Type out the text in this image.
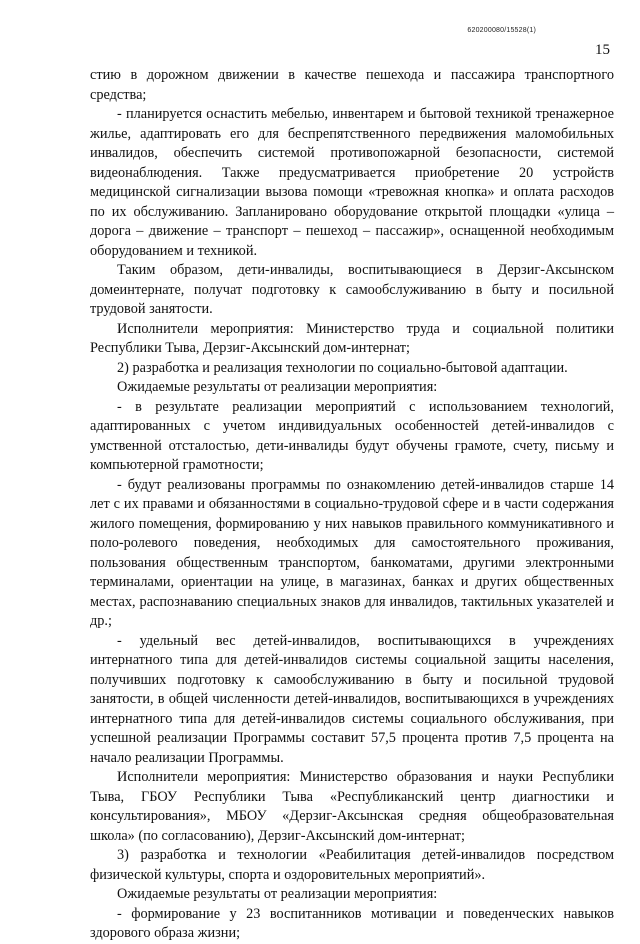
620200080/15528(1)
15

стию в дорожном движении в качестве пешехода и пассажира транспортного средства;

- планируется оснастить мебелью, инвентарем и бытовой техникой тренажерное жилье, адаптировать его для беспрепятственного передвижения маломобильных инвалидов, обеспечить системой противопожарной безопасности, системой видеонаблюдения. Также предусматривается приобретение 20 устройств медицинской сигнализации вызова помощи «тревожная кнопка» и оплата расходов по их обслуживанию. Запланировано оборудование открытой площадки «улица – дорога – движение – транспорт – пешеход – пассажир», оснащенной необходимым оборудованием и техникой.

Таким образом, дети-инвалиды, воспитывающиеся в Дерзиг-Аксынском домеинтернате, получат подготовку к самообслуживанию в быту и посильной трудовой занятости.

Исполнители мероприятия: Министерство труда и социальной политики Республики Тыва, Дерзиг-Аксынский дом-интернат;

2) разработка и реализация технологии по социально-бытовой адаптации.

Ожидаемые результаты от реализации мероприятия:

- в результате реализации мероприятий с использованием технологий, адаптированных с учетом индивидуальных особенностей детей-инвалидов с умственной отсталостью, дети-инвалиды будут обучены грамоте, счету, письму и компьютерной грамотности;

- будут реализованы программы по ознакомлению детей-инвалидов старше 14 лет с их правами и обязанностями в социально-трудовой сфере и в части содержания жилого помещения, формированию у них навыков правильного коммуникативного и поло-ролевого поведения, необходимых для самостоятельного проживания, пользования общественным транспортом, банкоматами, другими электронными терминалами, ориентации на улице, в магазинах, банках и других общественных местах, распознаванию специальных знаков для инвалидов, тактильных указателей и др.;

- удельный вес детей-инвалидов, воспитывающихся в учреждениях интернатного типа для детей-инвалидов системы социальной защиты населения, получивших подготовку к самообслуживанию в быту и посильной трудовой занятости, в общей численности детей-инвалидов, воспитывающихся в учреждениях интернатного типа для детей-инвалидов системы социального обслуживания, при успешной реализации Программы составит 57,5 процента против 7,5 процента на начало реализации Программы.

Исполнители мероприятия: Министерство образования и науки Республики Тыва, ГБОУ Республики Тыва «Республиканский центр диагностики и консультирования», МБОУ «Дерзиг-Аксынская средняя общеобразовательная школа» (по согласованию), Дерзиг-Аксынский дом-интернат;

3) разработка и технологии «Реабилитация детей-инвалидов посредством физической культуры, спорта и оздоровительных мероприятий».

Ожидаемые результаты от реализации мероприятия:

- формирование у 23 воспитанников мотивации и поведенческих навыков здорового образа жизни;
